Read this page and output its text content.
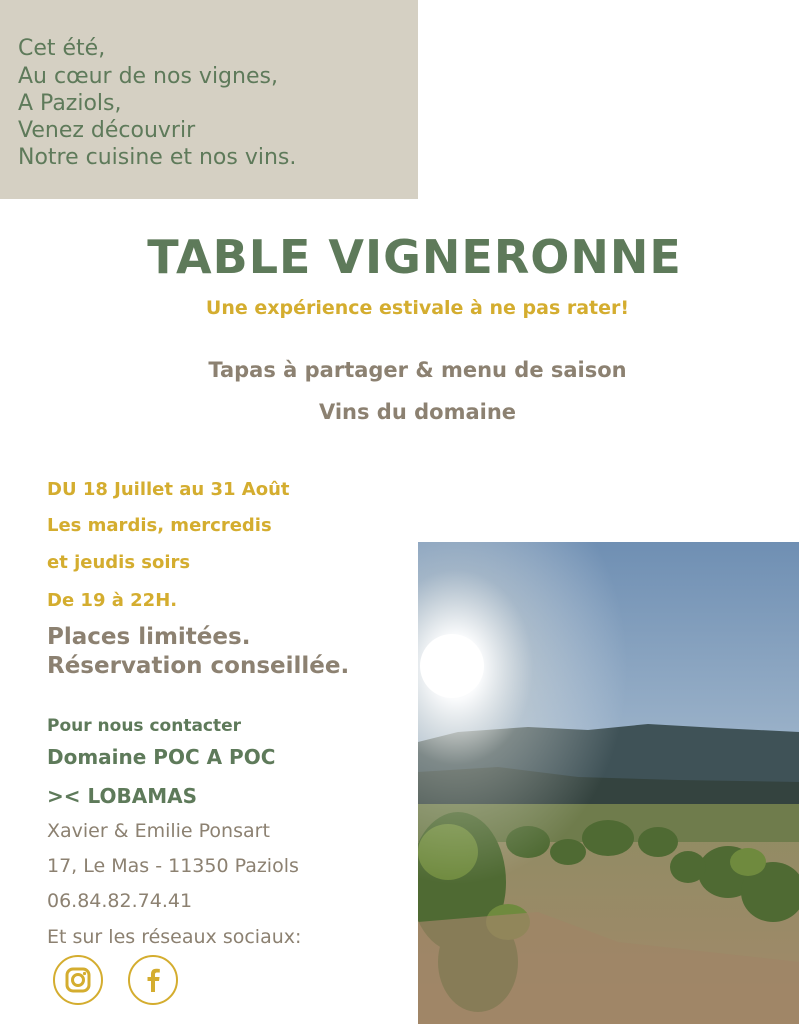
Cet été,

Au cœur de nos vignes,

A Paziols,

Venez découvrir

Notre cuisine et nos vins.

TABLE VIGNERONNE
Une expérience estivale à ne pas rater!
Tapas à partager & menu de saison
Vins du domaine
DU 18 Juillet au 31 Août
Les mardis, mercredis
et jeudis soirs
De 19 à 22H.
Places limitées.
Réservation conseillée.
Pour nous contacter
Domaine POC A POC
>< LOBAMAS
Xavier & Emilie Ponsart
17, Le Mas - 11350 Paziols
06.84.82.74.41
Et sur les réseaux sociaux:
